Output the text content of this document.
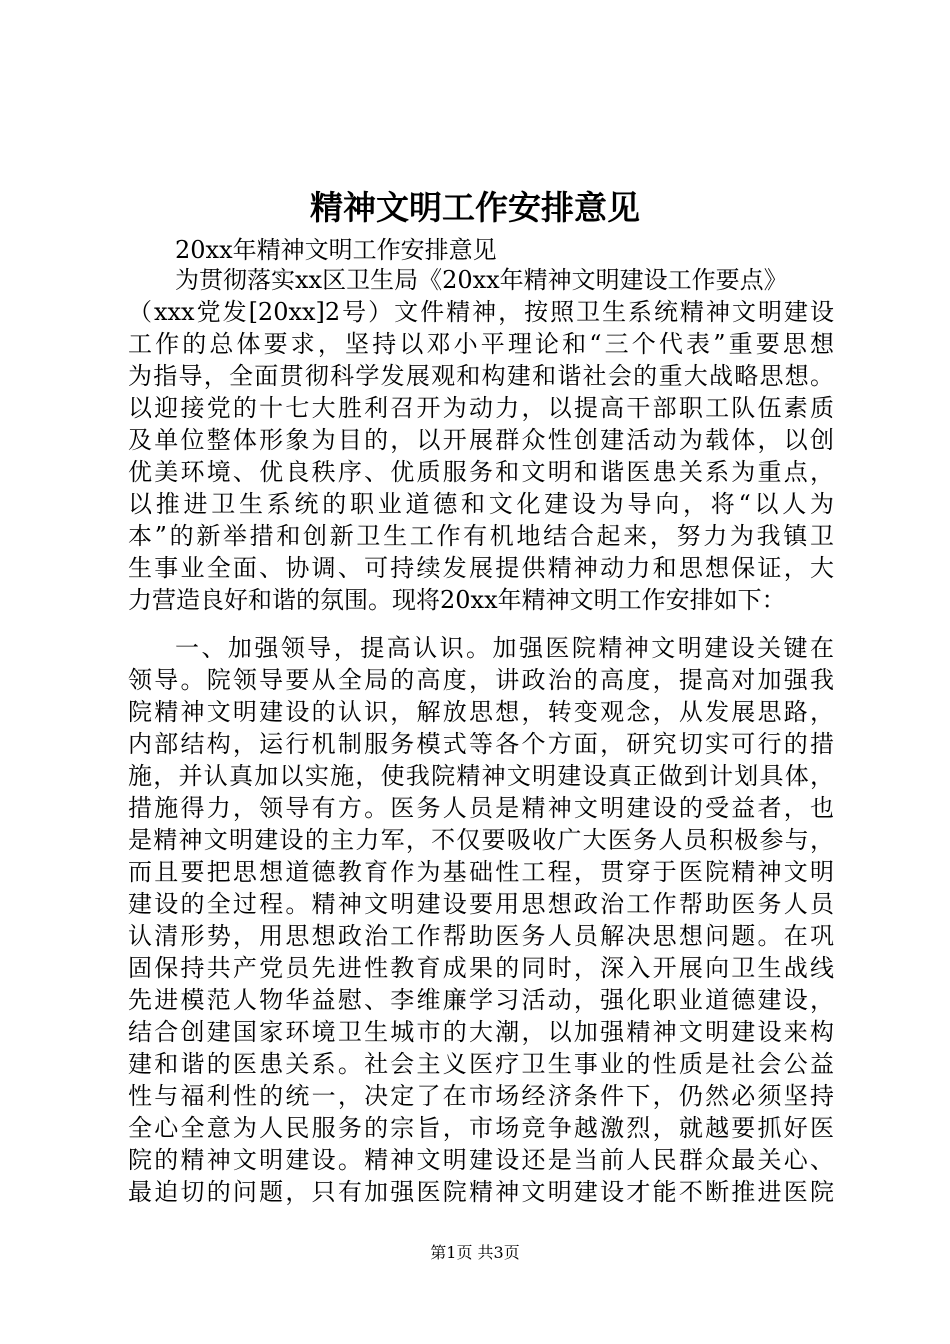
精神文明工作安排意见
20xx年精神文明工作安排意见
为贯彻落实xx区卫生局《20xx年精神文明建设工作要点》
（xxx党发[20xx]2号）文件精神，按照卫生系统精神文明建设
工作的总体要求，坚持以邓小平理论和“三个代表”重要思想
为指导，全面贯彻科学发展观和构建和谐社会的重大战略思想。
以迎接党的十七大胜利召开为动力，以提高干部职工队伍素质
及单位整体形象为目的，以开展群众性创建活动为载体，以创
优美环境、优良秩序、优质服务和文明和谐医患关系为重点，
以推进卫生系统的职业道德和文化建设为导向，将“以人为
本”的新举措和创新卫生工作有机地结合起来，努力为我镇卫
生事业全面、协调、可持续发展提供精神动力和思想保证，大
力营造良好和谐的氛围。现将20xx年精神文明工作安排如下：
一、加强领导，提高认识。加强医院精神文明建设关键在
领导。院领导要从全局的高度，讲政治的高度，提高对加强我
院精神文明建设的认识，解放思想，转变观念，从发展思路，
内部结构，运行机制服务模式等各个方面，研究切实可行的措
施，并认真加以实施，使我院精神文明建设真正做到计划具体，
措施得力，领导有方。医务人员是精神文明建设的受益者，也
是精神文明建设的主力军，不仅要吸收广大医务人员积极参与，
而且要把思想道德教育作为基础性工程，贯穿于医院精神文明
建设的全过程。精神文明建设要用思想政治工作帮助医务人员
认清形势，用思想政治工作帮助医务人员解决思想问题。在巩
固保持共产党员先进性教育成果的同时，深入开展向卫生战线
先进模范人物华益慰、李维廉学习活动，强化职业道德建设，
结合创建国家环境卫生城市的大潮，以加强精神文明建设来构
建和谐的医患关系。社会主义医疗卫生事业的性质是社会公益
性与福利性的统一，决定了在市场经济条件下，仍然必须坚持
全心全意为人民服务的宗旨，市场竞争越激烈，就越要抓好医
院的精神文明建设。精神文明建设还是当前人民群众最关心、
最迫切的问题，只有加强医院精神文明建设才能不断推进医院
第1页 共3页
